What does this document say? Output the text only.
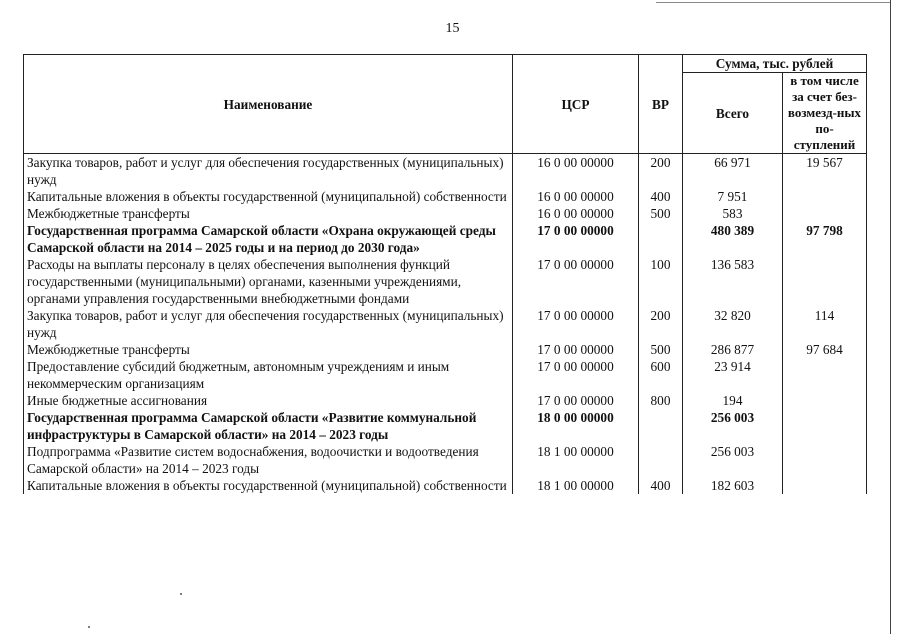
15
Наименование	ЦСР	ВР	Сумма, тыс. рублей	
			Всего	в том числе за счет без-возмезд-ных по-ступлений
Закупка товаров, работ и услуг для обеспечения государственных (муниципальных) нужд	16 0 00 00000	200	66 971	19 567
Капитальные вложения в объекты государственной (муниципальной) собственности	16 0 00 00000	400	7 951	
Межбюджетные трансферты	16 0 00 00000	500	583	
Государственная программа Самарской области «Охрана окружающей среды Самарской области на 2014 – 2025 годы и на период до 2030 года»	17 0 00 00000		480 389	97 798
Расходы на выплаты персоналу в целях обеспечения выполнения функций государственными (муниципальными) органами, казенными учреждениями, органами управления государственными внебюджетными фондами	17 0 00 00000	100	136 583	
Закупка товаров, работ и услуг для обеспечения государственных (муниципальных) нужд	17 0 00 00000	200	32 820	114
Межбюджетные трансферты	17 0 00 00000	500	286 877	97 684
Предоставление субсидий бюджетным, автономным учреждениям и иным некоммерческим организациям	17 0 00 00000	600	23 914	
Иные бюджетные ассигнования	17 0 00 00000	800	194	
Государственная программа Самарской области «Развитие коммунальной инфраструктуры в Самарской области» на 2014 – 2023 годы	18 0 00 00000		256 003	
Подпрограмма «Развитие систем водоснабжения, водоочистки и водоотведения Самарской области» на 2014 – 2023 годы	18 1 00 00000		256 003	
Капитальные вложения в объекты государственной (муниципальной) собственности	18 1 00 00000	400	182 603	
